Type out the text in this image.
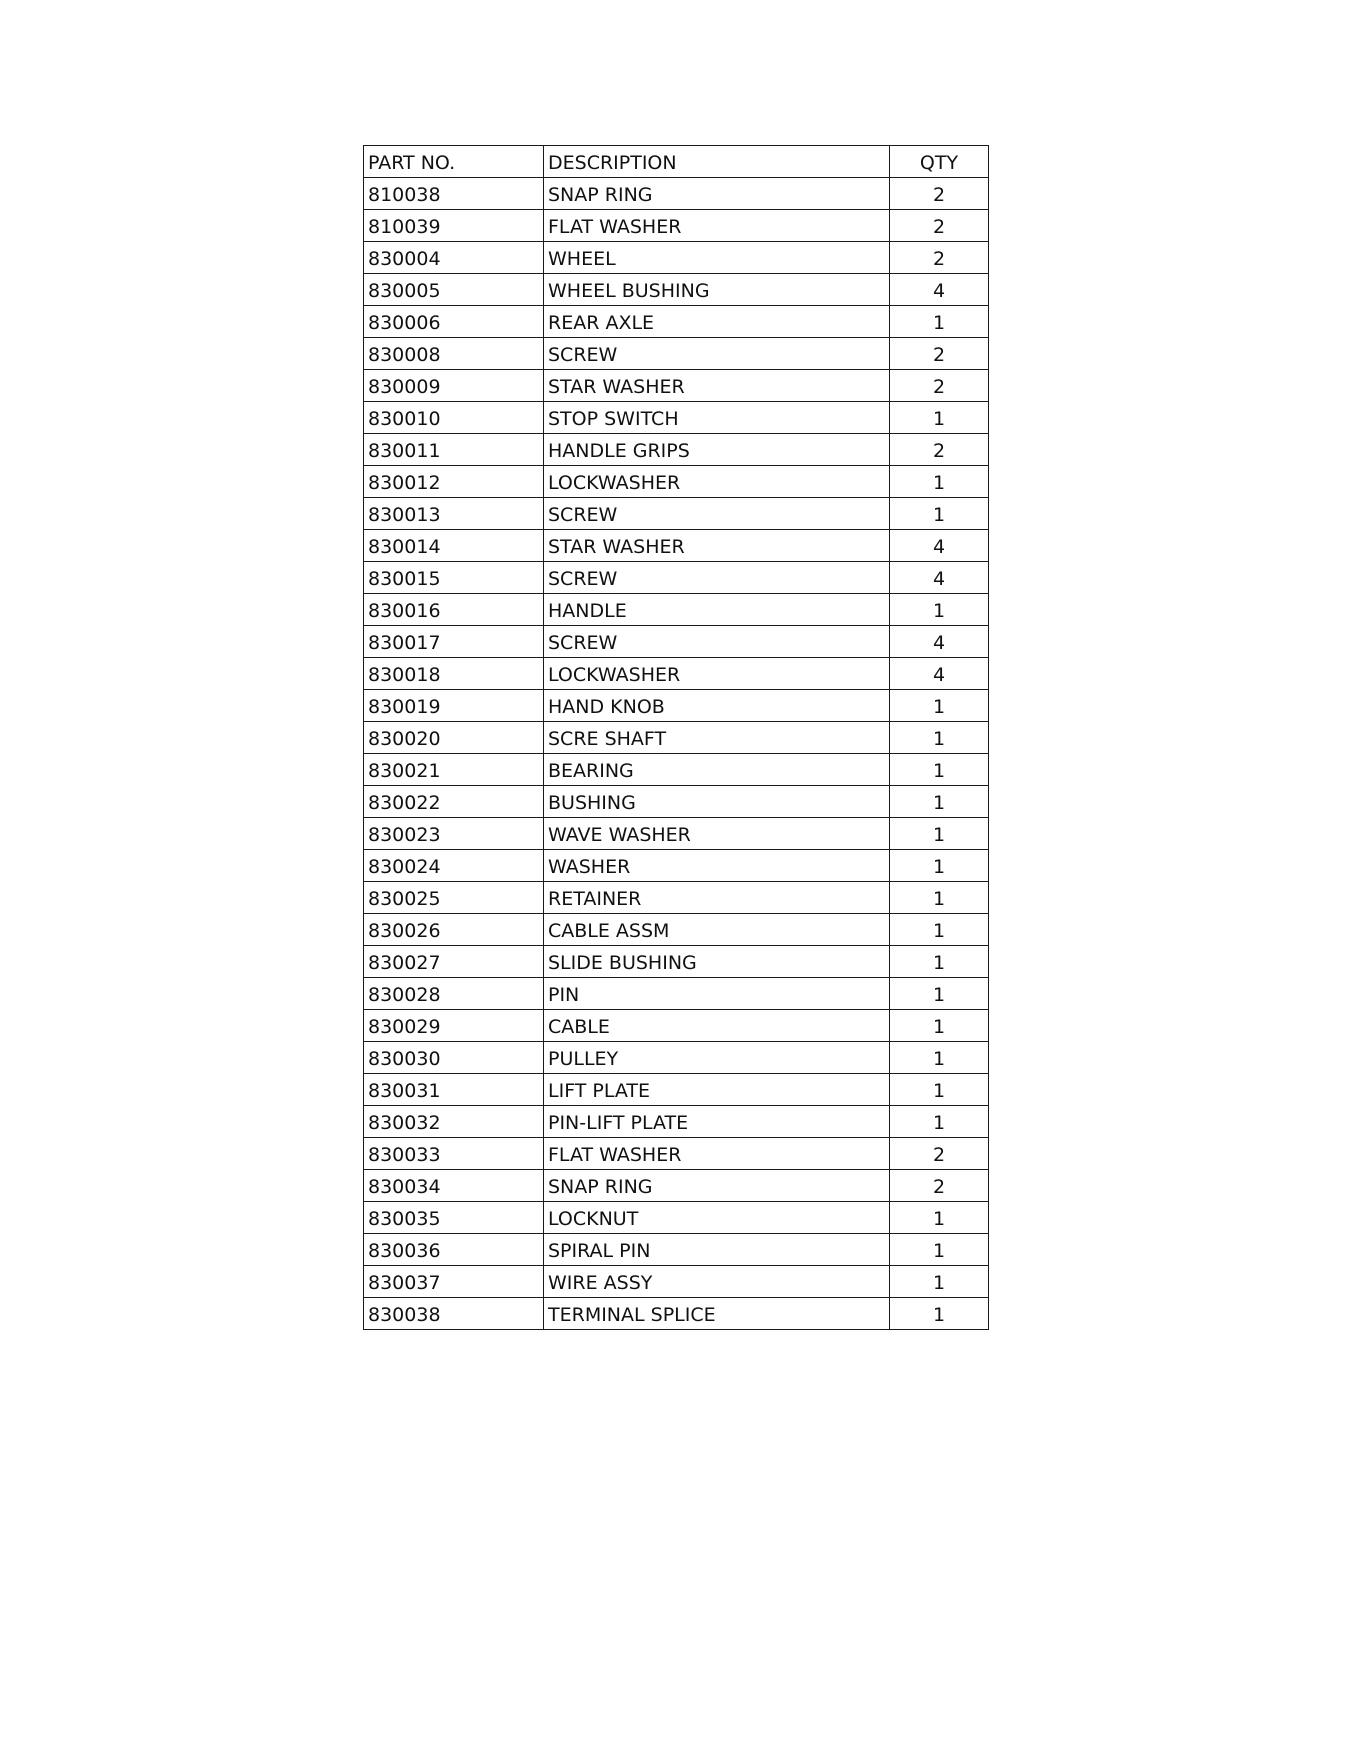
PART NO.	DESCRIPTION	QTY
810038	SNAP RING	2
810039	FLAT WASHER	2
830004	WHEEL	2
830005	WHEEL BUSHING	4
830006	REAR AXLE	1
830008	SCREW	2
830009	STAR WASHER	2
830010	STOP SWITCH	1
830011	HANDLE GRIPS	2
830012	LOCKWASHER	1
830013	SCREW	1
830014	STAR WASHER	4
830015	SCREW	4
830016	HANDLE	1
830017	SCREW	4
830018	LOCKWASHER	4
830019	HAND KNOB	1
830020	SCRE SHAFT	1
830021	BEARING	1
830022	BUSHING	1
830023	WAVE WASHER	1
830024	WASHER	1
830025	RETAINER	1
830026	CABLE ASSM	1
830027	SLIDE BUSHING	1
830028	PIN	1
830029	CABLE	1
830030	PULLEY	1
830031	LIFT PLATE	1
830032	PIN-LIFT PLATE	1
830033	FLAT WASHER	2
830034	SNAP RING	2
830035	LOCKNUT	1
830036	SPIRAL PIN	1
830037	WIRE ASSY	1
830038	TERMINAL SPLICE	1
